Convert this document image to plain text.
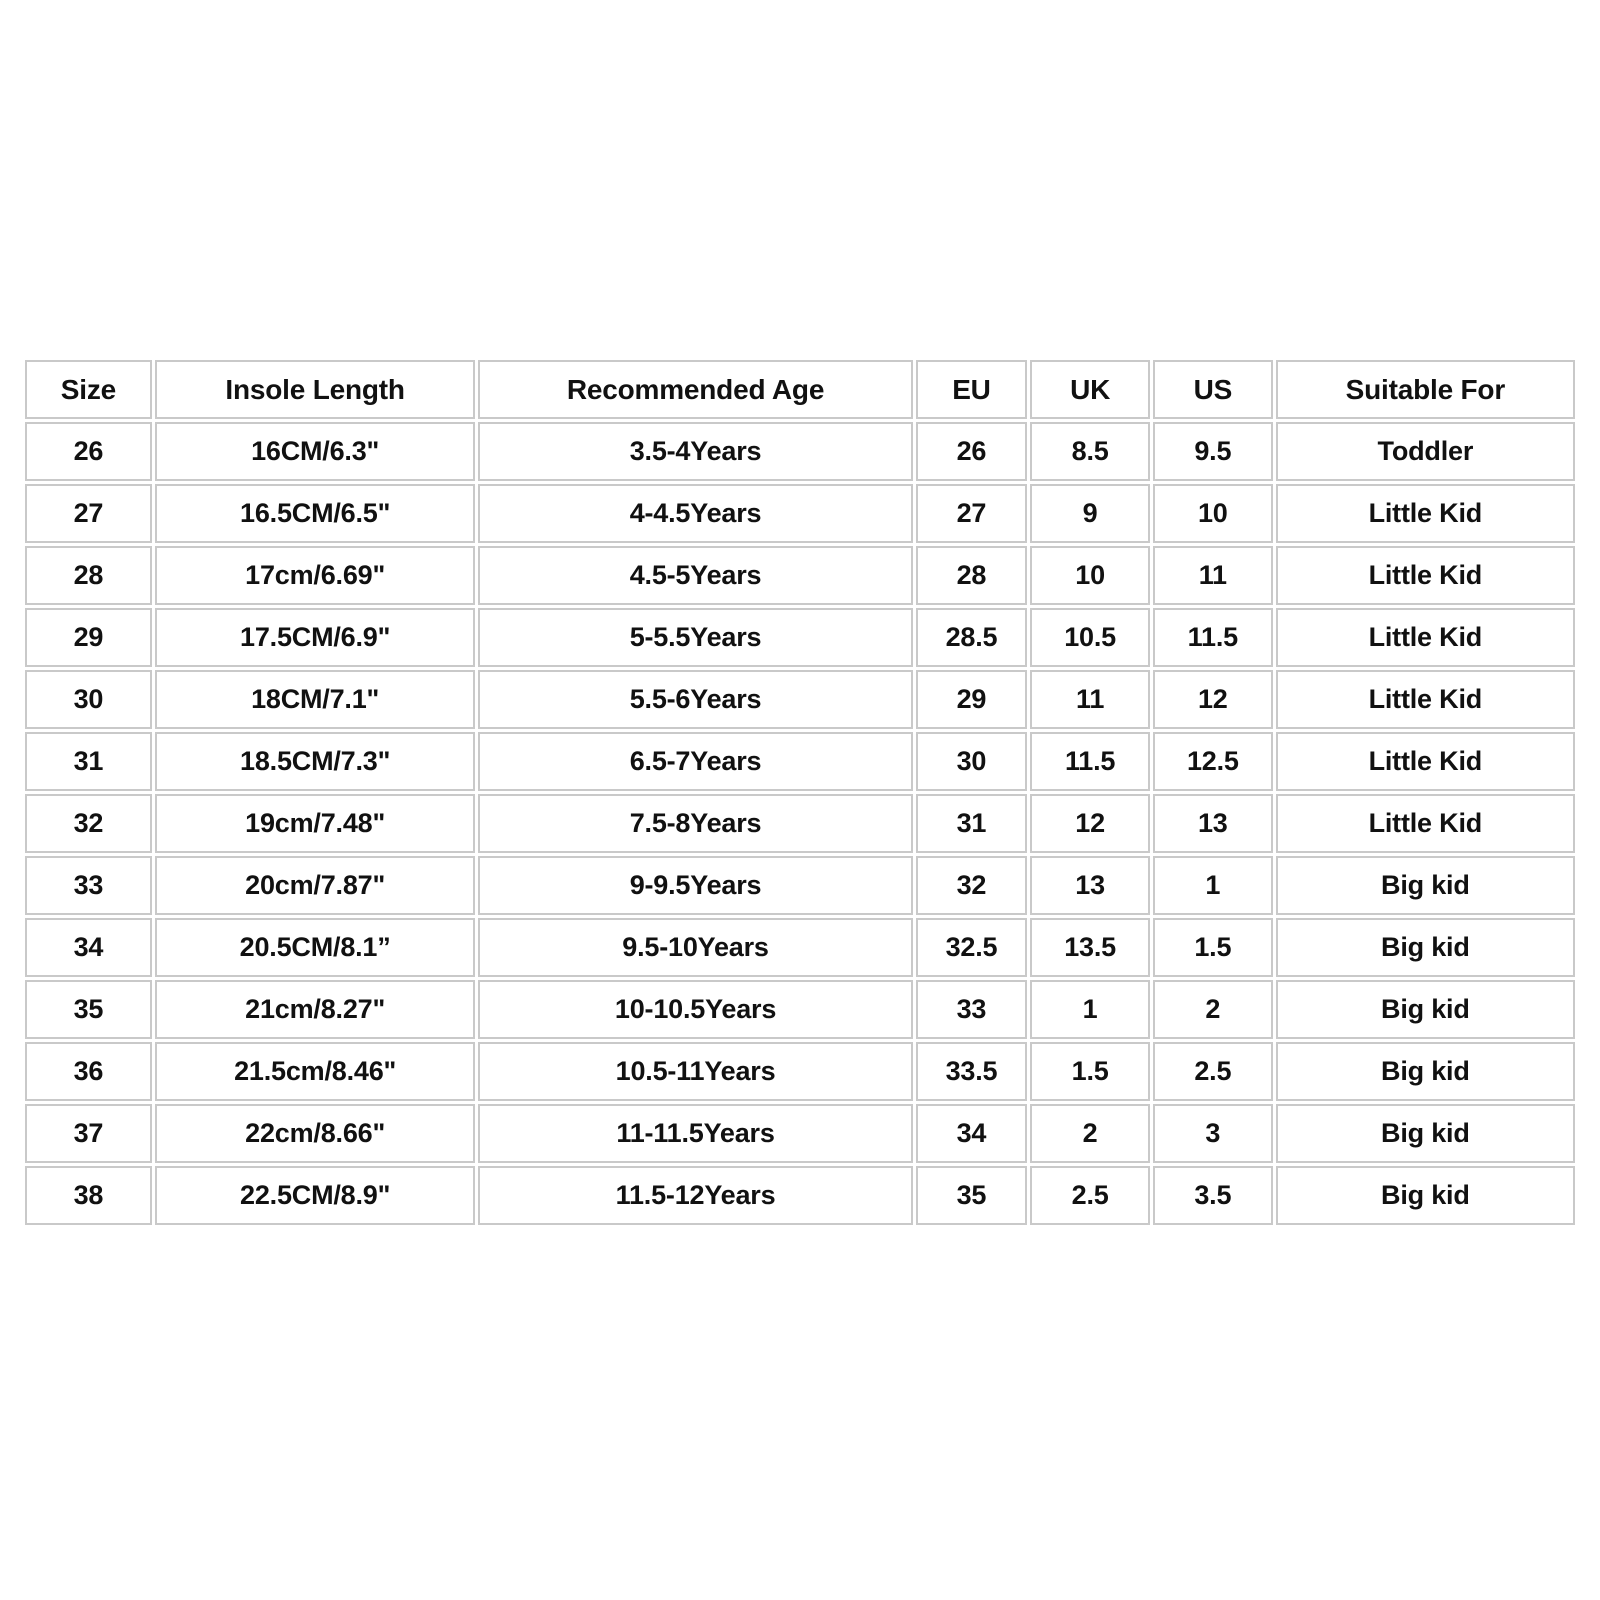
Size	Insole Length	Recommended Age	EU	UK	US	Suitable For
26	16CM/6.3"	3.5-4Years	26	8.5	9.5	Toddler
27	16.5CM/6.5"	4-4.5Years	27	9	10	Little Kid
28	17cm/6.69"	4.5-5Years	28	10	11	Little Kid
29	17.5CM/6.9"	5-5.5Years	28.5	10.5	11.5	Little Kid
30	18CM/7.1"	5.5-6Years	29	11	12	Little Kid
31	18.5CM/7.3"	6.5-7Years	30	11.5	12.5	Little Kid
32	19cm/7.48"	7.5-8Years	31	12	13	Little Kid
33	20cm/7.87"	9-9.5Years	32	13	1	Big kid
34	20.5CM/8.1”	9.5-10Years	32.5	13.5	1.5	Big kid
35	21cm/8.27"	10-10.5Years	33	1	2	Big kid
36	21.5cm/8.46"	10.5-11Years	33.5	1.5	2.5	Big kid
37	22cm/8.66"	11-11.5Years	34	2	3	Big kid
38	22.5CM/8.9"	11.5-12Years	35	2.5	3.5	Big kid
